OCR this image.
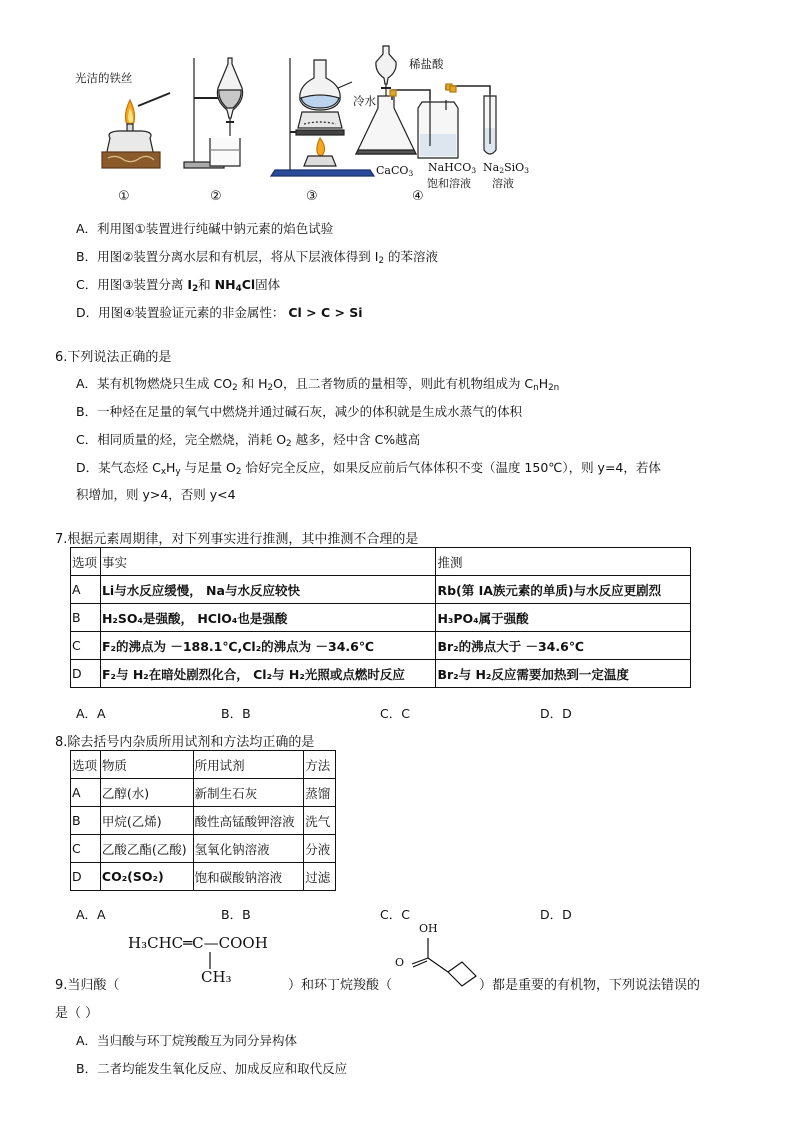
光洁的铁丝
稀盐酸
冷水
CaCO$_3$ NaHCO$_3$
饱和溶液
$Na_2SiO_3$
溶液
①	②	③	④
A．利用图①装置进行纯碱中钠元素的焰色试验
B．用图②装置分离水层和有机层，将从下层液体得到 $I_2$ 的苯溶液
C．用图③装置分离 $I_2$和 $NH_4Cl$固体
D．用图④装置验证元素的非金属性： Cl > C > Si
6.下列说法正确的是
A．某有机物燃烧只生成 $CO_2$ 和 $H_2O$，且二者物质的量相等，则此有机物组成为 $C_nH_{2n}$
B．一种烃在足量的氧气中燃烧并通过碱石灰，减少的体积就是生成水蒸气的体积
C．相同质量的烃，完全燃烧，消耗 $O_2$ 越多，烃中含 C%越高
D．某气态烃 $C_xH_y$ 与足量 $O_2$ 恰好完全反应，如果反应前后气体体积不变（温度 150℃），则 y=4，若体
积增加，则 y>4，否则 y<4
7.根据元素周期律，对下列事实进行推测，其中推测不合理的是
选项	事实	推测
A	Li与水反应缓慢， Na与水反应较快	Rb(第 ⅠA族元素的单质)与水反应更剧烈
B	H₂SO₄是强酸， HClO₄也是强酸	H₃PO₄属于强酸
C	F₂的沸点为 －188.1℃,Cl₂的沸点为 －34.6℃	Br₂的沸点大于 －34.6℃
D	F₂与 H₂在暗处剧烈化合， Cl₂与 H₂光照或点燃时反应	Br₂与 H₂反应需要加热到一定温度
A．A	B．B	C．C	D．D
8.除去括号内杂质所用试剂和方法均正确的是
选项	物质	所用试剂	方法
A	乙醇(水)	新制生石灰	蒸馏
B	甲烷(乙烯)	酸性高锰酸钾溶液	洗气
C	乙酸乙酯(乙酸)	氢氧化钠溶液	分液
D	CO₂(SO₂)	饱和碳酸钠溶液	过滤
A．A	B．B	C．C	D．D
H₃CHC═C—COOH
CH₃
OH
O
9.当归酸（	）和环丁烷羧酸（	）都是重要的有机物，下列说法错误的
是（ ）
A．当归酸与环丁烷羧酸互为同分异构体
B．二者均能发生氧化反应、加成反应和取代反应
